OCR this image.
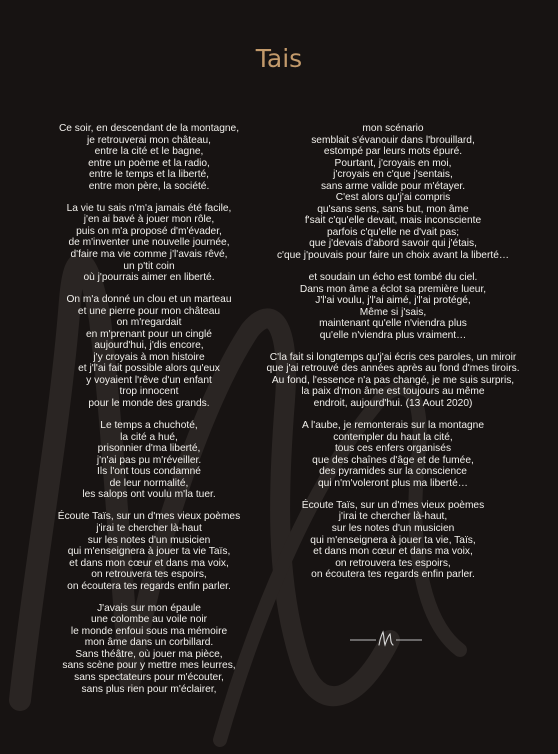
Tais
Ce soir, en descendant de la montagne,
je retrouverai mon château,
entre la cité et le bagne,
entre un poème et la radio,
entre le temps et la liberté,
entre mon père, la société.
La vie tu sais n'm'a jamais été facile,
j'en ai bavé à jouer mon rôle,
puis on m'a proposé d'm'évader,
de m'inventer une nouvelle journée,
d'faire ma vie comme j'l'avais rêvé,
un p'tit coin
où j'pourrais aimer en liberté.
On m'a donné un clou et un marteau
et une pierre pour mon château
on m'regardait
en m'prenant pour un cinglé
aujourd'hui, j'dis encore,
j'y croyais à mon histoire
et j'l'ai fait possible alors qu'eux
y voyaient l'rêve d'un enfant
trop innocent
pour le monde des grands.
Le temps a chuchoté,
la cité a hué,
prisonnier d'ma liberté,
j'n'ai pas pu m'réveiller.
Ils l'ont tous condamné
de leur normalité,
les salops ont voulu m'la tuer.
Écoute Taïs, sur un d'mes vieux poèmes
j'irai te chercher là-haut
sur les notes d'un musicien
qui m'enseignera à jouer ta vie Taïs,
et dans mon cœur et dans ma voix,
on retrouvera tes espoirs,
on écoutera tes regards enfin parler.
J'avais sur mon épaule
une colombe au voile noir
le monde enfoui sous ma mémoire
mon âme dans un corbillard.
Sans théâtre, où jouer ma pièce,
sans scène pour y mettre mes leurres,
sans spectateurs pour m'écouter,
sans plus rien pour m'éclairer,
mon scénario
semblait s'évanouir dans l'brouillard,
estompé par leurs mots épuré.
Pourtant, j'croyais en moi,
j'croyais en c'que j'sentais,
sans arme valide pour m'étayer.
C'est alors qu'j'ai compris
qu'sans sens, sans but, mon âme
f'sait c'qu'elle devait, mais inconsciente
parfois c'qu'elle ne d'vait pas;
que j'devais d'abord savoir qui j'étais,
c'que j'pouvais pour faire un choix avant la liberté…
et soudain un écho est tombé du ciel.
Dans mon âme a éclot sa première lueur,
J'l'ai voulu, j'l'ai aimé, j'l'ai protégé,
Même si j'sais,
maintenant qu'elle n'viendra plus
qu'elle n'viendra plus vraiment…
C'la fait si longtemps qu'j'ai écris ces paroles, un miroir
que j'ai retrouvé des années après au fond d'mes tiroirs.
Au fond, l'essence n'a pas changé, je me suis surpris,
la paix d'mon âme est toujours au même
endroit, aujourd'hui. (13 Aout 2020)
A l'aube, je remonterais sur la montagne
contempler du haut la cité,
tous ces enfers organisés
que des chaînes d'âge et de fumée,
des pyramides sur la conscience
qui n'm'voleront plus ma liberté…
Écoute Taïs, sur un d'mes vieux poèmes
j'irai te chercher là-haut,
sur les notes d'un musicien
qui m'enseignera à jouer ta vie, Taïs,
et dans mon cœur et dans ma voix,
on retrouvera tes espoirs,
on écoutera tes regards enfin parler.
